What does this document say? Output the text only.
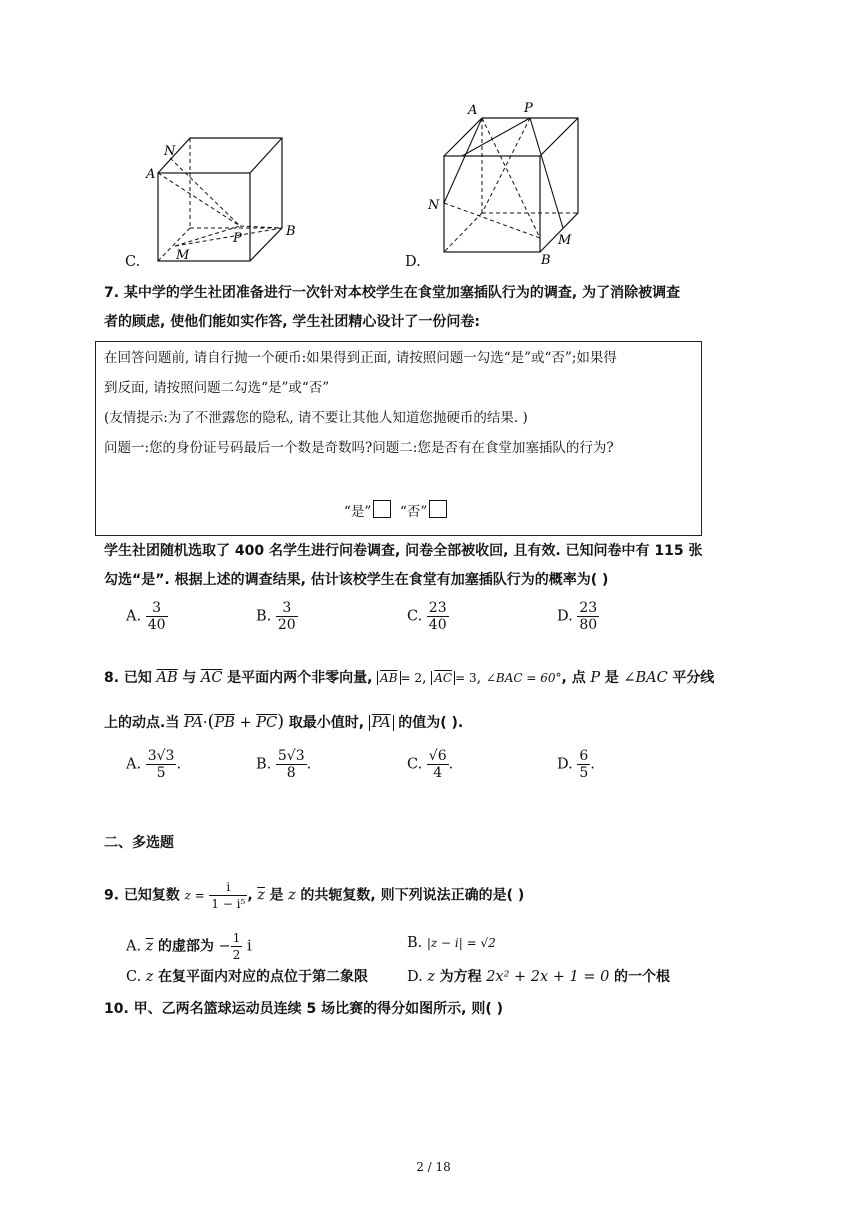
N
A
P	B
M
C.
A	P
N
M
B
D.
7. 某中学的学生社团准备进行一次针对本校学生在食堂加塞插队行为的调查, 为了消除被调查
者的顾虑, 使他们能如实作答, 学生社团精心设计了一份问卷:
在回答问题前, 请自行抛一个硬币:如果得到正面, 请按照问题一勾选“是”或“否”;如果得
到反面, 请按照问题二勾选“是”或“否”
(友情提示:为了不泄露您的隐私, 请不要让其他人知道您抛硬币的结果. )
问题一:您的身份证号码最后一个数是奇数吗?问题二:您是否有在食堂加塞插队的行为?
“是”	“否”
学生社团随机选取了 400 名学生进行问卷调查, 问卷全部被收回, 且有效. 已知问卷中有 115 张
勾选“是”. 根据上述的调查结果, 估计该校学生在食堂有加塞插队行为的概率为( )
A. $\frac{3}{40}$	B. $\frac{3}{20}$	C. $\frac{23}{40}$	D. $\frac{23}{80}$
8. 已知 $\overline{AB}$ 与 $\overline{AC}$ 是平面内两个非零向量, $\overline{AB} = 2$, $\overline{AC} = 3$, ∠BAC = 60°, 点 P 是 ∠BAC 平分线
上的动点.当 $\overline{PA}\cdot(\overline{PB} + \overline{PC})$ 取最小值时, $\overline{PA}$ 的值为( ).
A. $\frac{3√3}{5}$ .	B. $\frac{5√3}{8}$ .	C. $\frac{√6}{4}$ .	D. $\frac{6}{5}$ .
二、多选题
9. 已知复数 $z = \frac{i}{\text{1 − i⁵}}$ , $\overline{z}$ 是 z 的共轭复数, 则下列说法正确的是( )
A. $\overline{z}$ 的虚部为 − $\frac{1}{2}$ i	B. |z − i| = √2
C. z 在复平面内对应的点位于第二象限	D. z 为方程 2x² + 2x + 1 = 0 的一个根
10. 甲、乙两名篮球运动员连续 5 场比赛的得分如图所示, 则( )
2 / 18
